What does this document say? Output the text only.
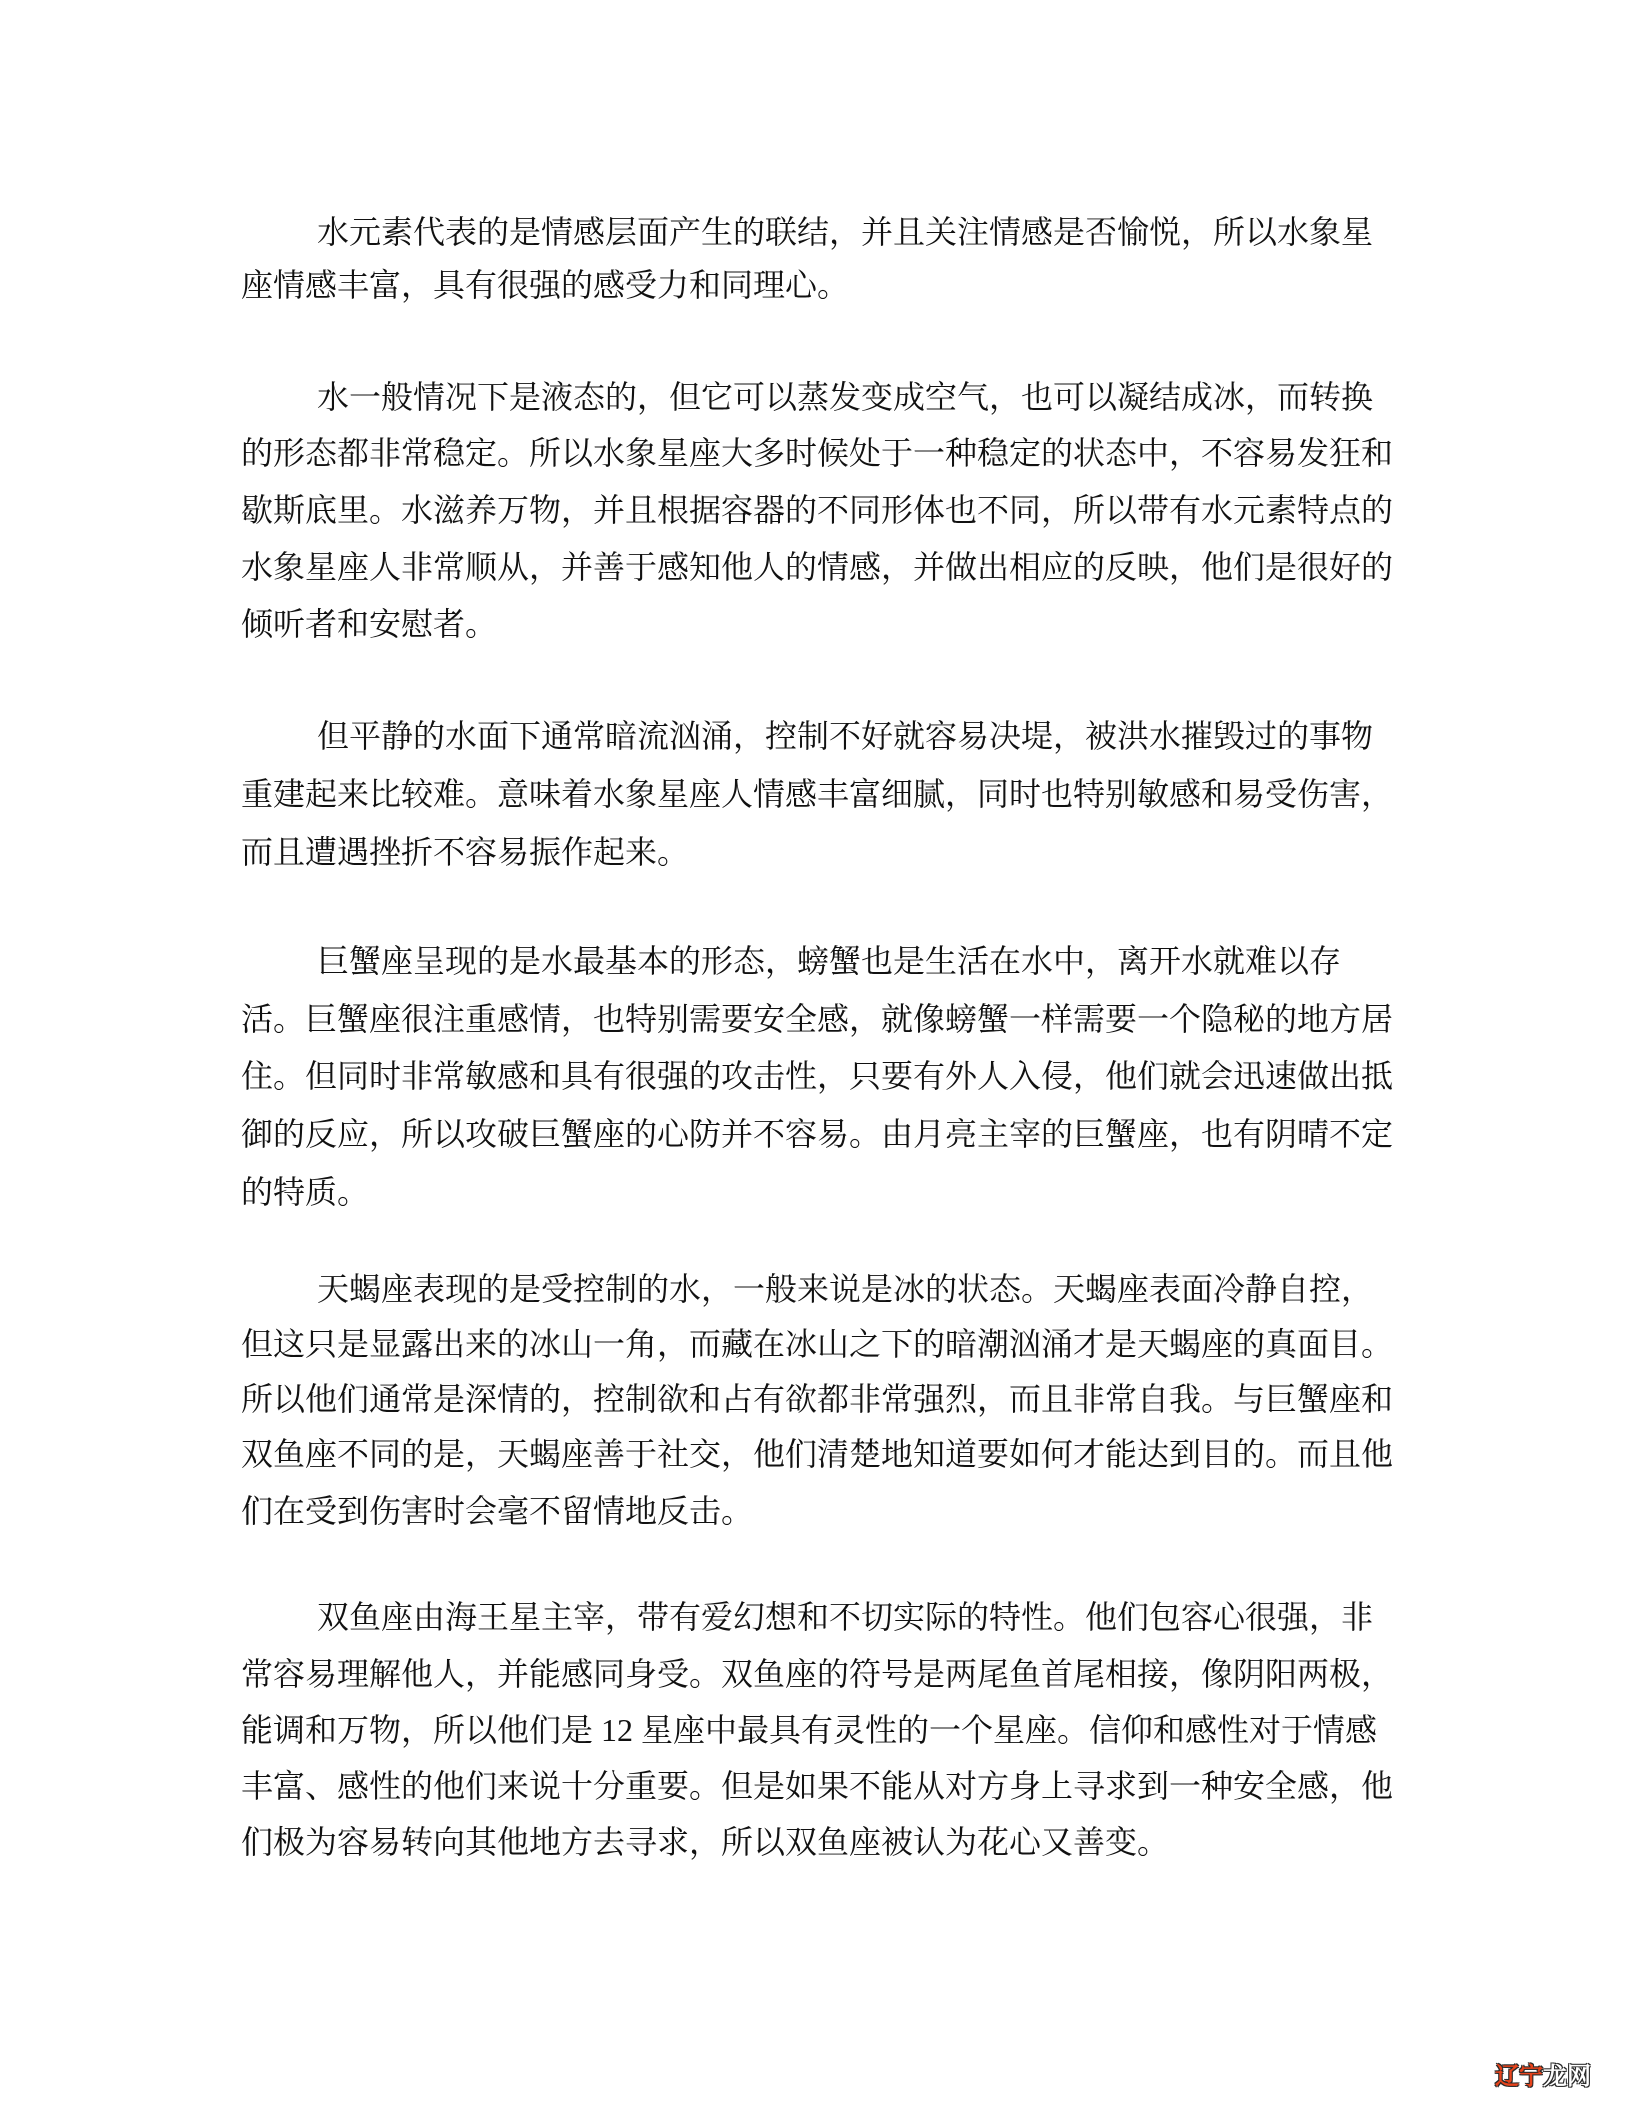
水元素代表的是情感层面产生的联结，并且关注情感是否愉悦，所以水象星
座情感丰富，具有很强的感受力和同理心。
水一般情况下是液态的，但它可以蒸发变成空气，也可以凝结成冰，而转换
的形态都非常稳定。所以水象星座大多时候处于一种稳定的状态中，不容易发狂和
歇斯底里。水滋养万物，并且根据容器的不同形体也不同，所以带有水元素特点的
水象星座人非常顺从，并善于感知他人的情感，并做出相应的反映，他们是很好的
倾听者和安慰者。
但平静的水面下通常暗流汹涌，控制不好就容易决堤，被洪水摧毁过的事物
重建起来比较难。意味着水象星座人情感丰富细腻，同时也特别敏感和易受伤害，
而且遭遇挫折不容易振作起来。
巨蟹座呈现的是水最基本的形态，螃蟹也是生活在水中，离开水就难以存
活。巨蟹座很注重感情，也特别需要安全感，就像螃蟹一样需要一个隐秘的地方居
住。但同时非常敏感和具有很强的攻击性，只要有外人入侵，他们就会迅速做出抵
御的反应，所以攻破巨蟹座的心防并不容易。由月亮主宰的巨蟹座，也有阴晴不定
的特质。
天蝎座表现的是受控制的水，一般来说是冰的状态。天蝎座表面冷静自控，
但这只是显露出来的冰山一角，而藏在冰山之下的暗潮汹涌才是天蝎座的真面目。
所以他们通常是深情的，控制欲和占有欲都非常强烈，而且非常自我。与巨蟹座和
双鱼座不同的是，天蝎座善于社交，他们清楚地知道要如何才能达到目的。而且他
们在受到伤害时会毫不留情地反击。
双鱼座由海王星主宰，带有爱幻想和不切实际的特性。他们包容心很强，非
常容易理解他人，并能感同身受。双鱼座的符号是两尾鱼首尾相接，像阴阳两极，
能调和万物，所以他们是 12 星座中最具有灵性的一个星座。信仰和感性对于情感
丰富、感性的他们来说十分重要。但是如果不能从对方身上寻求到一种安全感，他
们极为容易转向其他地方去寻求，所以双鱼座被认为花心又善变。
辽宁龙网
